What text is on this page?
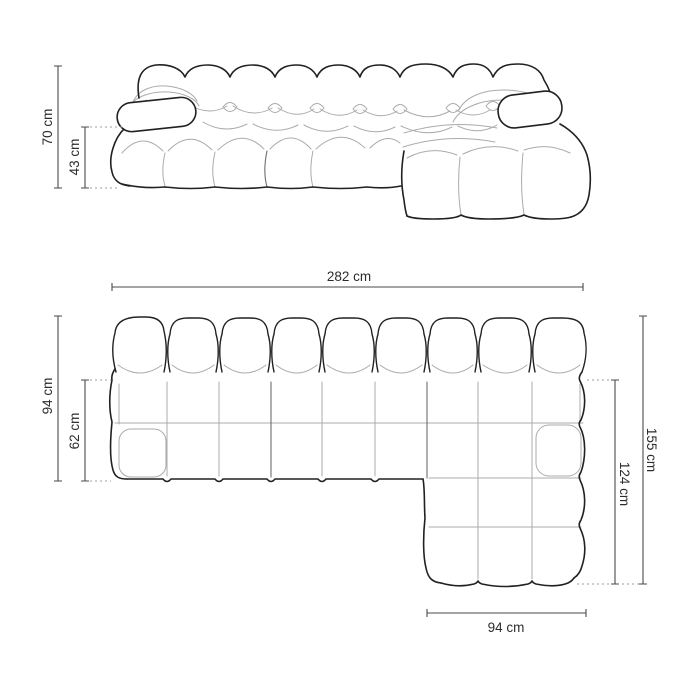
70 cm
43 cm
282 cm
94 cm
62 cm	155 cm
124 cm
94 cm
